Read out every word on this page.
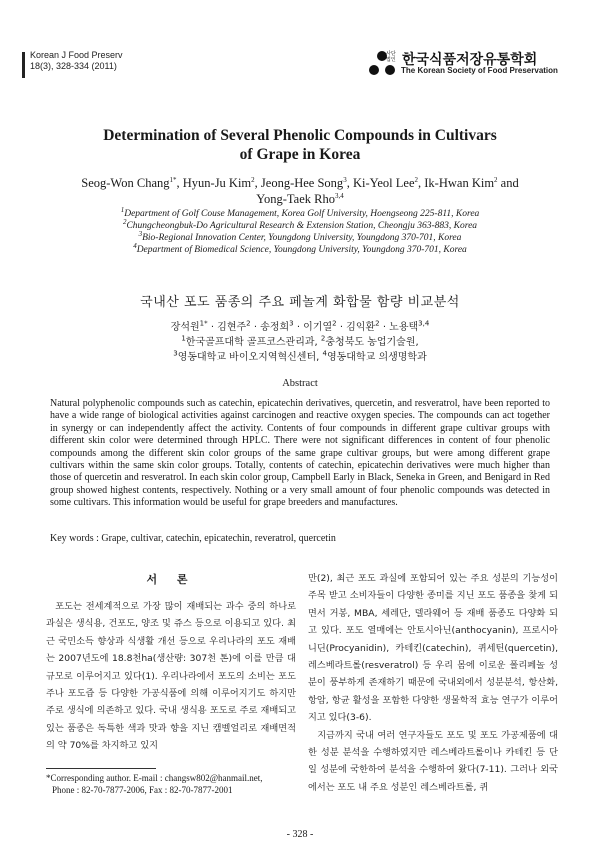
Korean J Food Preserv
18(3), 328-334 (2011)
사단 법인 한국식품저장유통학회
The Korean Society of Food Preservation
Determination of Several Phenolic Compounds in Cultivars
of Grape in Korea
Seog-Won Chang$^{1*}$, Hyun-Ju Kim$^2$, Jeong-Hee Song$^3$, Ki-Yeol Lee$^2$, Ik-Hwan Kim$^2$ and
Yong-Taek Rho$^{3,4}$
$^1$Department of Golf Couse Management, Korea Golf University, Hoengseong 225-811, Korea
$^2$Chungcheongbuk-Do Agricultural Research & Extension Station, Cheongju 363-883, Korea
$^3$Bio-Regional Innovation Center, Youngdong University, Youngdong 370-701, Korea
$^4$Department of Biomedical Science, Youngdong University, Youngdong 370-701, Korea
국내산 포도 품종의 주요 페놀계 화합물 함량 비교분석
장석원$^{1*}$ · 김현주$^2$ · 송정희$^3$ · 이기열$^2$ · 김익환$^2$ · 노용택$^{3,4}$
$^1$한국골프대학 골프코스관리과, $^2$충청북도 농업기술원,
$^3$영동대학교 바이오지역혁신센터, $^4$영동대학교 의생명학과
Abstract
Natural polyphenolic compounds such as catechin, epicatechin derivatives, quercetin, and resveratrol, have been reported to have a wide range of biological activities against carcinogen and reactive oxygen species. The compounds can act together in synergy or can independently affect the activity. Contents of four compounds in different grape cultivar groups with different skin color were determined through HPLC. There were not significant differences in content of four phenolic compounds among the different skin color groups of the same grape cultivar groups, but were among different grape cultivars within the same skin color groups. Totally, contents of catechin, epicatechin derivatives were much higher than those of quercetin and resveratrol. In each skin color group, Campbell Early in Black, Seneka in Green, and Benigard in Red group showed highest contents, respectively. Nothing or a very small amount of four phenolic compounds was detected in some cultivars. This information would be useful for grape breeders and manufactures.
Key words : Grape, cultivar, catechin, epicatechin, reveratrol, quercetin
서 론

포도는 전세계적으로 가장 많이 재배되는 과수 중의 하나로 과실은 생식용, 건포도, 양조 및 쥬스 등으로 이용되고 있다. 최근 국민소득 향상과 식생활 개선 등으로 우리나라의 포도 재배는 2007년도에 18.8천ha(생산량: 307천 톤)에 이를 만큼 대규모로 이루어지고 있다(1). 우리나라에서 포도의 소비는 포도주나 포도즙 등 다양한 가공식품에 의해 이루어지기도 하지만 주로 생식에 의존하고 있다. 국내 생식용 포도로 주로 재배되고 있는 품종은 독특한 색과 맛과 향을 지닌 캠벨얼리로 재배면적의 약 70%를 차지하고 있지

만(2), 최근 포도 과실에 포함되어 있는 주요 성분의 기능성이 주목 받고 소비자들이 다양한 종미를 지닌 포도 품종을 찾게 되면서 거봉, MBA, 세레단, 델라웨어 등 재배 품종도 다양화 되고 있다. 포도 열매에는 안토시아닌(anthocyanin), 프로시아니딘(Procyanidin), 카테킨(catechin), 퀴세틴(quercetin), 레스베라트롤(resveratrol) 등 우리 몸에 이로운 폴리페놀 성분이 풍부하게 존재하기 때문에 국내외에서 성분분석, 항산화, 항암, 항균 활성을 포함한 다양한 생물학적 효능 연구가 이루어지고 있다(3-6).

지금까지 국내 여러 연구자들도 포도 및 포도 가공제품에 대한 성분 분석을 수행하였지만 레스베라트롤이나 카테킨 등 단일 성분에 국한하여 분석을 수행하여 왔다(7-11). 그러나 외국에서는 포도 내 주요 성분인 레스베라트롤, 퀴

*Corresponding author. E-mail : changsw802@hanmail.net,
Phone : 82-70-7877-2006, Fax : 82-70-7877-2001
- 328 -
